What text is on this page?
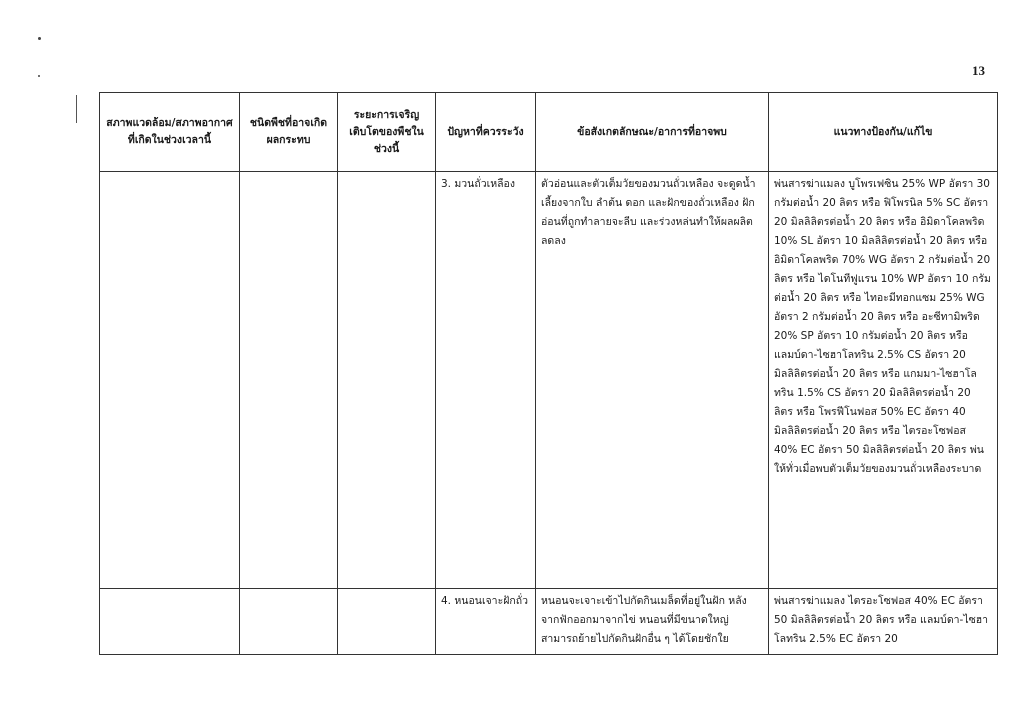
13
สภาพแวดล้อม/สภาพอากาศที่เกิดในช่วงเวลานี้	ชนิดพืชที่อาจเกิดผลกระทบ	ระยะการเจริญเติบโตของพืชในช่วงนี้	ปัญหาที่ควรระวัง	ข้อสังเกตลักษณะ/อาการที่อาจพบ	แนวทางป้องกัน/แก้ไข
			3. มวนถั่วเหลือง	ตัวอ่อนและตัวเต็มวัยของมวนถั่วเหลือง จะดูดน้ำเลี้ยงจากใบ ลำต้น ดอก และฝักของถั่วเหลือง ฝักอ่อนที่ถูกทำลายจะลีบ และร่วงหล่นทำให้ผลผลิตลดลง	พ่นสารฆ่าแมลง บูโพรเฟซิน 25% WP อัตรา 30 กรัมต่อน้ำ 20 ลิตร หรือ ฟิโพรนิล 5% SC อัตรา 20 มิลลิลิตรต่อน้ำ 20 ลิตร หรือ อิมิดาโคลพริด 10% SL อัตรา 10 มิลลิลิตรต่อน้ำ 20 ลิตร หรือ อิมิดาโคลพริด 70% WG อัตรา 2 กรัมต่อน้ำ 20 ลิตร หรือ ไดโนทีฟูแรน 10% WP อัตรา 10 กรัมต่อน้ำ 20 ลิตร หรือ ไทอะมีทอกแซม 25% WG อัตรา 2 กรัมต่อน้ำ 20 ลิตร หรือ อะซีทามิพริด 20% SP อัตรา 10 กรัมต่อน้ำ 20 ลิตร หรือ แลมบ์ดา-ไซฮาโลทริน 2.5% CS อัตรา 20 มิลลิลิตรต่อน้ำ 20 ลิตร หรือ แกมมา-ไซฮาโลทริน 1.5% CS อัตรา 20 มิลลิลิตรต่อน้ำ 20 ลิตร หรือ โพรฟีโนฟอส 50% EC อัตรา 40 มิลลิลิตรต่อน้ำ 20 ลิตร หรือ ไตรอะโซฟอส 40% EC อัตรา 50 มิลลิลิตรต่อน้ำ 20 ลิตร พ่นให้ทั่วเมื่อพบตัวเต็มวัยของมวนถั่วเหลืองระบาด
			4. หนอนเจาะฝักถั่ว	หนอนจะเจาะเข้าไปกัดกินเมล็ดที่อยู่ในฝัก หลังจากฟักออกมาจากไข่ หนอนที่มีขนาดใหญ่ สามารถย้ายไปกัดกินฝักอื่น ๆ ได้โดยชักใย	พ่นสารฆ่าแมลง ไตรอะโซฟอส 40% EC อัตรา 50 มิลลิลิตรต่อน้ำ 20 ลิตร หรือ แลมบ์ดา-ไซฮาโลทริน 2.5% EC อัตรา 20
